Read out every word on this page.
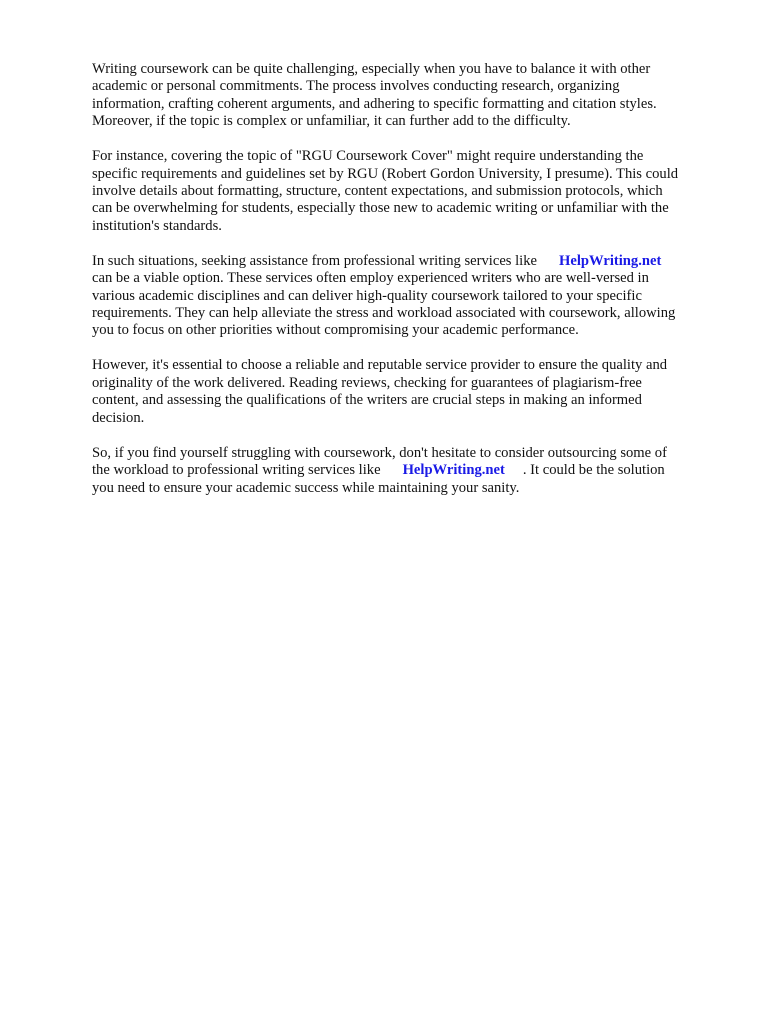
Writing coursework can be quite challenging, especially when you have to balance it with other
academic or personal commitments. The process involves conducting research, organizing
information, crafting coherent arguments, and adhering to specific formatting and citation styles.
Moreover, if the topic is complex or unfamiliar, it can further add to the difficulty.

For instance, covering the topic of "RGU Coursework Cover" might require understanding the
specific requirements and guidelines set by RGU (Robert Gordon University, I presume). This could
involve details about formatting, structure, content expectations, and submission protocols, which
can be overwhelming for students, especially those new to academic writing or unfamiliar with the
institution's standards.

In such situations, seeking assistance from professional writing services like HelpWriting.net
can be a viable option. These services often employ experienced writers who are well-versed in
various academic disciplines and can deliver high-quality coursework tailored to your specific
requirements. They can help alleviate the stress and workload associated with coursework, allowing
you to focus on other priorities without compromising your academic performance.

However, it's essential to choose a reliable and reputable service provider to ensure the quality and
originality of the work delivered. Reading reviews, checking for guarantees of plagiarism-free
content, and assessing the qualifications of the writers are crucial steps in making an informed
decision.

So, if you find yourself struggling with coursework, don't hesitate to consider outsourcing some of
the workload to professional writing services like HelpWriting.net . It could be the solution
you need to ensure your academic success while maintaining your sanity.
